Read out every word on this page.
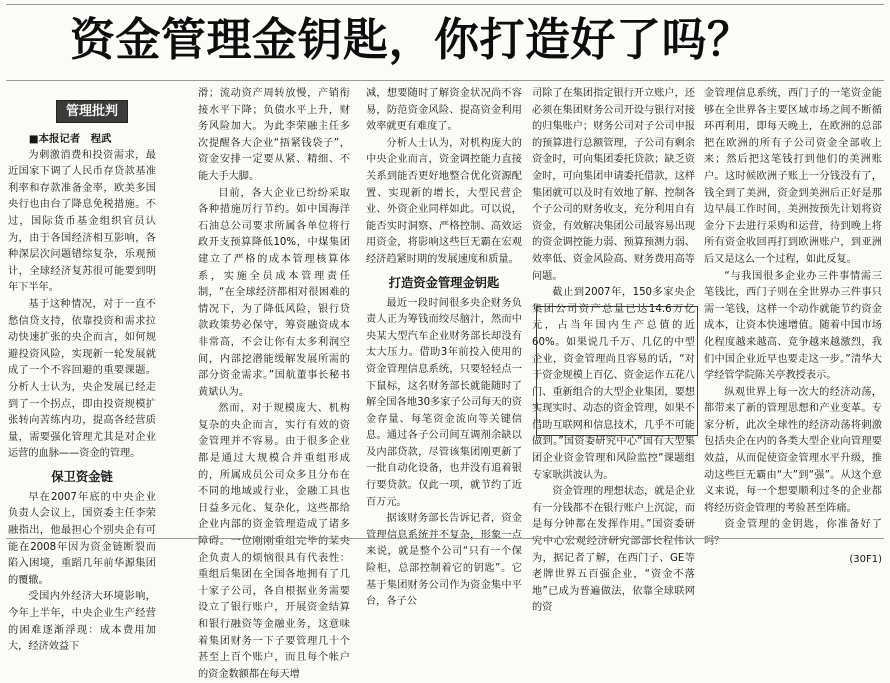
资金管理金钥匙，你打造好了吗？
管理批判

■本报记者　程武

为刺激消费和投资需求，最近国家下调了人民币存贷款基准利率和存款准备金率，欧美多国央行也由台了降息免税措施。不过，国际货币基金组织官员认为，由于各国经济相互影响，各种深层次问题错综复杂，乐观预计，全球经济复苏很可能要到明年下半年。

基于这种情况，对于一直不愁信贷支持，依靠投资和需求拉动快速扩张的央企而言，如何规避投资风险，实现新一轮发展就成了一个不容回避的重要课题。分析人士认为，央企发展已经走到了一个拐点，即由投资规模扩张转向苦练内功，提高各经营质量，需要强化管理尤其是对企业运营的血脉——资金的管理。

保卫资金链

早在2007年底的中央企业负责人会议上，国资委主任李荣融指出，他最担心个别央企有可能在2008年因为资金链断裂而陷入困境，重蹈几年前华源集团的覆辙。

受国内外经济大环境影响，今年上半年，中央企业生产经营的困难逐渐浮现：成本费用加大，经济效益下

滑；流动资产周转放慢，产销衔接水平下降；负债水平上升，财务风险加大。为此李荣融主任多次提醒各大企业“捂紧钱袋子”，资金安排一定要从紧、精细、不能大手大脚。

目前，各大企业已纷纷采取各种措施厉行节约。如中国海洋石油总公司要求所属各单位将行政开支预算降低10%，中煤集团建立了严格的成本管理核算体系，实施全员成本管理责任制，“在全球经济都相对很困难的情况下，为了降低风险，银行贷款政策势必保守，筹资融资成本非常高，不会让你有太多利润空间，内部挖潜能缓解发展所需的部分资金需求。”国航董事长秘书黄斌认为。

然而，对于规模庞大、机构复杂的央企而言，实行有效的资金管理并不容易。由于很多企业都是通过大规模合并重组形成的，所属成员公司众多且分布在不同的地域或行业，金融工具也日益多元化、复杂化，这些都给企业内部的资金管理造成了诸多障碍。一位刚刚重组完毕的某央企负责人的烦恼很具有代表性：重组后集团在全国各地拥有了几十家子公司，各自根据业务需要设立了银行账户，开展资金结算和银行融资等金融业务，这意味着集团财务一下子要管理几十个甚至上百个账户，而且每个帐户的资金数额都在每天增

减，想要随时了解资金状况尚不容易，防范资金风险、提高资金利用效率就更有难度了。

分析人士认为，对机构庞大的中央企业而言，资金调控能力直接关系到能否更好地整合优化资源配置、实现新的增长，大型民营企业、外资企业同样如此。可以说，能否实时洞察、严格控制、高效运用资金，将影响这些巨无霸在宏观经济趋紧时期的发展速度和质量。

打造资金管理金钥匙

最近一段时间很多央企财务负责人正为筹钱而绞尽脑汁，然而中央某大型汽车企业财务部长却没有太大压力。借助3年前投入使用的资金管理信息系统，只要轻轻点一下鼠标，这名财务部长就能随时了解全国各地30多家子公司每天的资金存量、每笔资金流向等关键信息。通过各子公司间互调剂余缺以及内部贷款，尽管该集团刚更新了一批自动化设备，也并没有追着银行要贷款。仅此一项，就节约了近百万元。

据该财务部长告诉记者，资金管理信息系统并不复杂，形象一点来说，就是整个公司“只有一个保险柜，总部控制着它的钥匙”。它基于集团财务公司作为资金集中平台，各子公

司除了在集团指定银行开立账户，还必须在集团财务公司开设与银行对接的归集账户；财务公司对子公司申报的预算进行总额管理，子公司有剩余资金时，可向集团委托贷款；缺乏资金时，可向集团申请委托借款，这样集团就可以及时有效地了解、控制各个子公司的财务收支，充分利用自有资金，有效解决集团公司最容易出现的资金调控能力弱、预算预测力弱、效率低、资金风险高、财务费用高等问题。

截止到2007年，150多家央企集团公司资产总量已达14.6万亿元，占当年国内生产总值的近60%。如果说几千万、几亿的中型企业，资金管理尚且容易的话，“对于资金规模上百亿、资金运作五花八门、重新组合的大型企业集团，要想实现实时、动态的资金管理，如果不借助互联网和信息技术，几乎不可能做到。”国资委研究中心“国有大型集团企业资金管理和风险监控”课题组专家耿洪波认为。

资金管理的理想状态，就是企业有一分钱都不在银行账户上沉淀，而是每分钟都在发挥作用。”国资委研究中心宏观经济研究部部长程伟认为，据记者了解，在西门子、GE等老牌世界五百强企业，“资金不落地”已成为普遍做法，依靠全球联网的资

金管理信息系统，西门子的一笔资金能够在全世界各主要区域市场之间不断循环再利用，即每天晚上，在欧洲的总部把在欧洲的所有子公司资金全部收上来；然后把这笔钱打到他们的美洲账户。这时候欧洲子账上一分钱没有了，钱全到了美洲，资金到美洲后正好是那边早晨工作时间，美洲按预先计划将资金分下去进行采购和运营，待到晚上将所有资金收回再打到欧洲账户，到亚洲后又是这么一个过程，如此反复。

“与我国很多企业办三件事情需三笔钱比，西门子则在全世界办三件事只需一笔钱，这样一个动作就能节约资金成本，让资本快速增值。随着中国市场化程度越来越高、竞争越来越激烈，我们中国企业近早也要走这一步。”清华大学经管学院陈关亭教授表示。

纵观世界上每一次大的经济动荡，都带来了新的管理思想和产业变革。专家分析，此次全球性的经济动荡将刺激包括央企在内的各类大型企业向管理要效益，从而促使资金管理水平升级，推动这些巨无霸由“大”到“强”。从这个意义来说，每一个想要顺利过冬的企业都将经历资金管理的考验甚至阵痛。

资金管理的金钥匙，你准备好了吗？

(30F1)
